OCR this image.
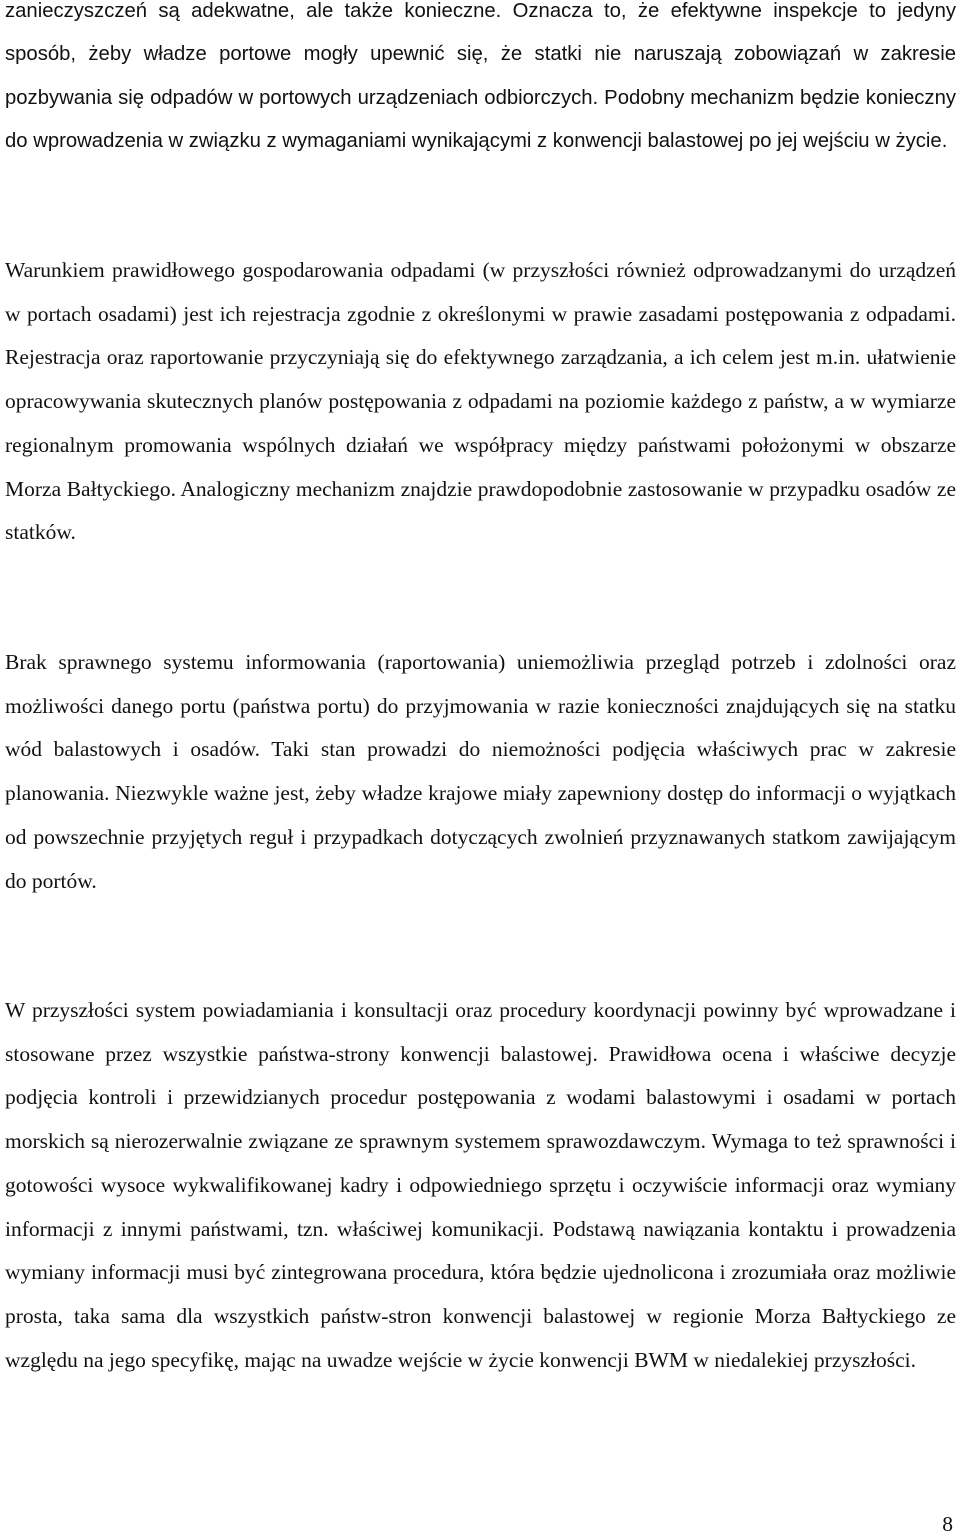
zanieczyszczeń są adekwatne, ale także konieczne. Oznacza to, że efektywne inspekcje to jedyny sposób, żeby władze portowe mogły upewnić się, że statki nie naruszają zobowiązań w zakresie pozbywania się odpadów w portowych urządzeniach odbiorczych. Podobny mechanizm będzie konieczny do wprowadzenia w związku z wymaganiami wynikającymi z konwencji balastowej po jej wejściu w życie.

Warunkiem prawidłowego gospodarowania odpadami (w przyszłości również odprowadzanymi do urządzeń w portach osadami) jest ich rejestracja zgodnie z określonymi w prawie zasadami postępowania z odpadami. Rejestracja oraz raportowanie przyczyniają się do efektywnego zarządzania, a ich celem jest m.in. ułatwienie opracowywania skutecznych planów postępowania z odpadami na poziomie każdego z państw, a w wymiarze regionalnym promowania wspólnych działań we współpracy między państwami położonymi w obszarze Morza Bałtyckiego. Analogiczny mechanizm znajdzie prawdopodobnie zastosowanie w przypadku osadów ze statków.

Brak sprawnego systemu informowania (raportowania) uniemożliwia przegląd potrzeb i zdolności oraz możliwości danego portu (państwa portu) do przyjmowania w razie konieczności znajdujących się na statku wód balastowych i osadów. Taki stan prowadzi do niemożności podjęcia właściwych prac w zakresie planowania. Niezwykle ważne jest, żeby władze krajowe miały zapewniony dostęp do informacji o wyjątkach od powszechnie przyjętych reguł i przypadkach dotyczących zwolnień przyznawanych statkom zawijającym do portów.

W przyszłości system powiadamiania i konsultacji oraz procedury koordynacji powinny być wprowadzane i stosowane przez wszystkie państwa-strony konwencji balastowej. Prawidłowa ocena i właściwe decyzje podjęcia kontroli i przewidzianych procedur postępowania z wodami balastowymi i osadami w portach morskich są nierozerwalnie związane ze sprawnym systemem sprawozdawczym. Wymaga to też sprawności i gotowości wysoce wykwalifikowanej kadry i odpowiedniego sprzętu i oczywiście informacji oraz wymiany informacji z innymi państwami, tzn. właściwej komunikacji. Podstawą nawiązania kontaktu i prowadzenia wymiany informacji musi być zintegrowana procedura, która będzie ujednolicona i zrozumiała oraz możliwie prosta, taka sama dla wszystkich państw-stron konwencji balastowej w regionie Morza Bałtyckiego ze względu na jego specyfikę, mając na uwadze wejście w życie konwencji BWM w niedalekiej przyszłości.

8
